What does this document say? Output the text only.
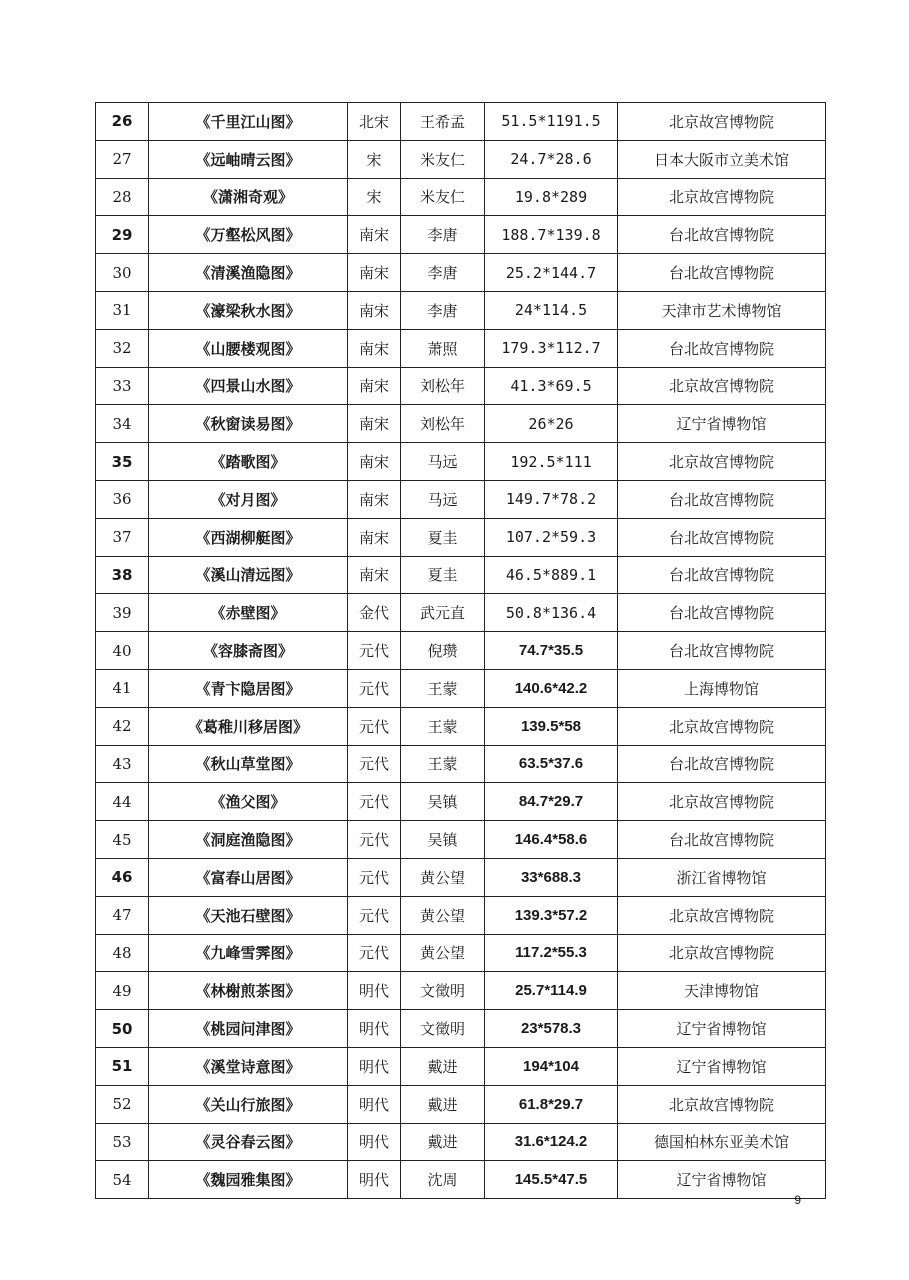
26	《千里江山图》	北宋	王希孟	51.5*1191.5	北京故宫博物院
27	《远岫晴云图》	宋	米友仁	24.7*28.6	日本大阪市立美术馆
28	《潇湘奇观》	宋	米友仁	19.8*289	北京故宫博物院
29	《万壑松风图》	南宋	李唐	188.7*139.8	台北故宫博物院
30	《清溪渔隐图》	南宋	李唐	25.2*144.7	台北故宫博物院
31	《濠梁秋水图》	南宋	李唐	24*114.5	天津市艺术博物馆
32	《山腰楼观图》	南宋	萧照	179.3*112.7	台北故宫博物院
33	《四景山水图》	南宋	刘松年	41.3*69.5	北京故宫博物院
34	《秋窗读易图》	南宋	刘松年	26*26	辽宁省博物馆
35	《踏歌图》	南宋	马远	192.5*111	北京故宫博物院
36	《对月图》	南宋	马远	149.7*78.2	台北故宫博物院
37	《西湖柳艇图》	南宋	夏圭	107.2*59.3	台北故宫博物院
38	《溪山清远图》	南宋	夏圭	46.5*889.1	台北故宫博物院
39	《赤壁图》	金代	武元直	50.8*136.4	台北故宫博物院
40	《容膝斋图》	元代	倪瓒	74.7*35.5	台北故宫博物院
41	《青卞隐居图》	元代	王蒙	140.6*42.2	上海博物馆
42	《葛稚川移居图》	元代	王蒙	139.5*58	北京故宫博物院
43	《秋山草堂图》	元代	王蒙	63.5*37.6	台北故宫博物院
44	《渔父图》	元代	吴镇	84.7*29.7	北京故宫博物院
45	《洞庭渔隐图》	元代	吴镇	146.4*58.6	台北故宫博物院
46	《富春山居图》	元代	黄公望	33*688.3	浙江省博物馆
47	《天池石壁图》	元代	黄公望	139.3*57.2	北京故宫博物院
48	《九峰雪霁图》	元代	黄公望	117.2*55.3	北京故宫博物院
49	《林榭煎茶图》	明代	文徵明	25.7*114.9	天津博物馆
50	《桃园问津图》	明代	文徵明	23*578.3	辽宁省博物馆
51	《溪堂诗意图》	明代	戴进	194*104	辽宁省博物馆
52	《关山行旅图》	明代	戴进	61.8*29.7	北京故宫博物院
53	《灵谷春云图》	明代	戴进	31.6*124.2	德国柏林东亚美术馆
54	《魏园雅集图》	明代	沈周	145.5*47.5	辽宁省博物馆
9
